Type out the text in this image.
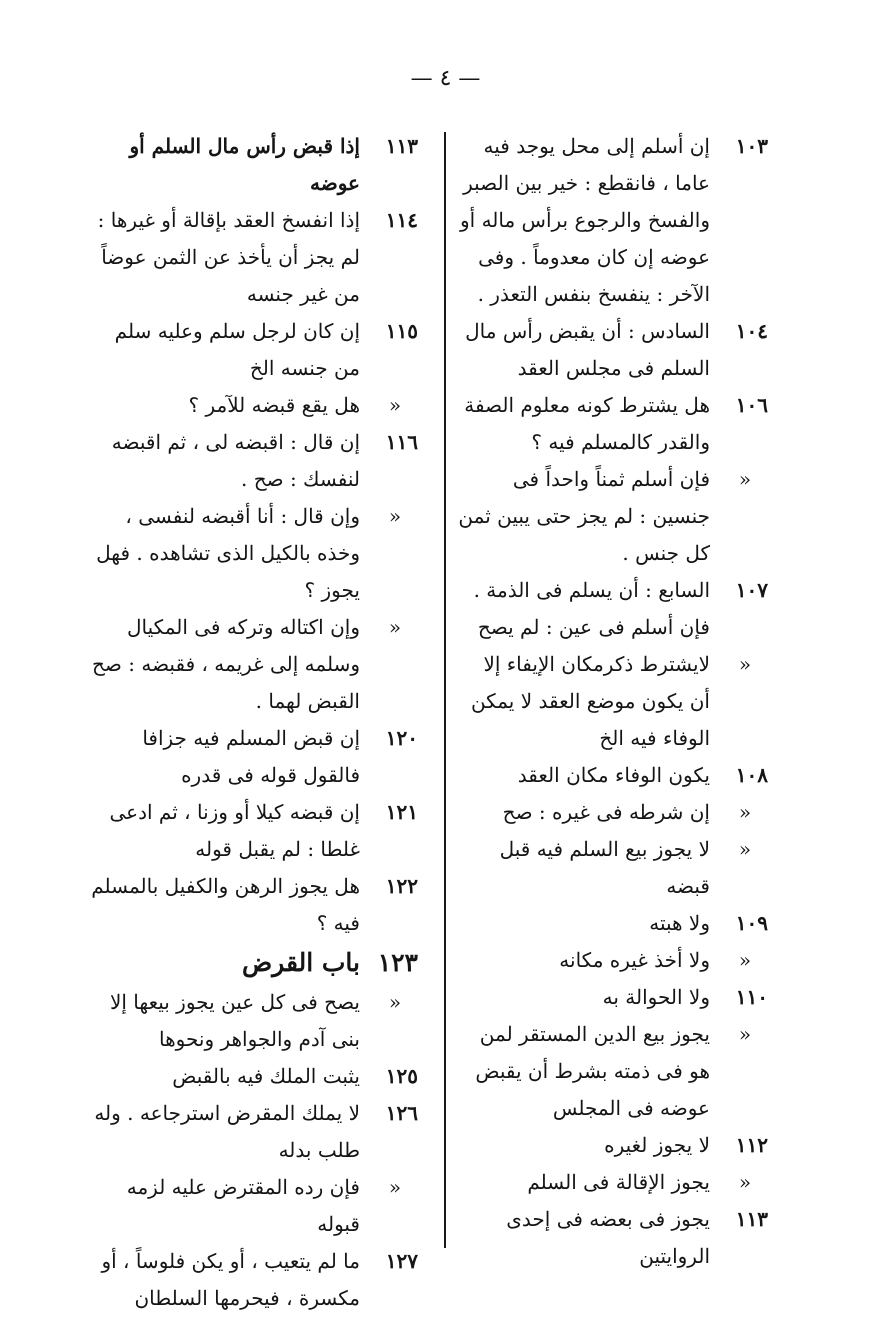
— ٤ —
١٠٣
إن أسلم إلى محل يوجد فيه عاما ، فانقطع : خير بين الصبر والفسخ والرجوع برأس ماله أو عوضه إن كان معدوماً . وفى الآخر : ينفسخ بنفس التعذر .
١٠٤
السادس : أن يقبض رأس مال السلم فى مجلس العقد
١٠٦
هل يشترط كونه معلوم الصفة والقدر كالمسلم فيه ؟
«
فإن أسلم ثمناً واحداً فى جنسين : لم يجز حتى يبين ثمن كل جنس .
١٠٧
السابع : أن يسلم فى الذمة . فإن أسلم فى عين : لم يصح
«
لايشترط ذكرمكان الإيفاء إلا أن يكون موضع العقد لا يمكن الوفاء فيه الخ
١٠٨
يكون الوفاء مكان العقد
«
إن شرطه فى غيره : صح
«
لا يجوز بيع السلم فيه قبل قبضه
١٠٩
ولا هبته
«
ولا أخذ غيره مكانه
١١٠
ولا الحوالة به
«
يجوز بيع الدين المستقر لمن هو فى ذمته بشرط أن يقبض عوضه فى المجلس
١١٢
لا يجوز لغيره
«
يجوز الإقالة فى السلم
١١٣
يجوز فى بعضه فى إحدى الروايتين
١١٣
إذا قبض رأس مال السلم أو عوضه
١١٤
إذا انفسخ العقد بإقالة أو غيرها : لم يجز أن يأخذ عن الثمن عوضاً من غير جنسه
١١٥
إن كان لرجل سلم وعليه سلم من جنسه الخ
«
هل يقع قبضه للآمر ؟
١١٦
إن قال : اقبضه لى ، ثم اقبضه لنفسك : صح .
«
وإن قال : أنا أقبضه لنفسى ، وخذه بالكيل الذى تشاهده . فهل يجوز ؟
«
وإن اكتاله وتركه فى المكيال وسلمه إلى غريمه ، فقبضه : صح القبض لهما .
١٢٠
إن قبض المسلم فيه جزافا فالقول قوله فى قدره
١٢١
إن قبضه كيلا أو وزنا ، ثم ادعى غلطا : لم يقبل قوله
١٢٢
هل يجوز الرهن والكفيل بالمسلم فيه ؟
١٢٣
باب القرض
«
يصح فى كل عين يجوز بيعها إلا بنى آدم والجواهر ونحوها
١٢٥
يثبت الملك فيه بالقبض
١٢٦
لا يملك المقرض استرجاعه . وله طلب بدله
«
فإن رده المقترض عليه لزمه قبوله
١٢٧
ما لم يتعيب ، أو يكن فلوساً ، أو مكسرة ، فيحرمها السلطان
